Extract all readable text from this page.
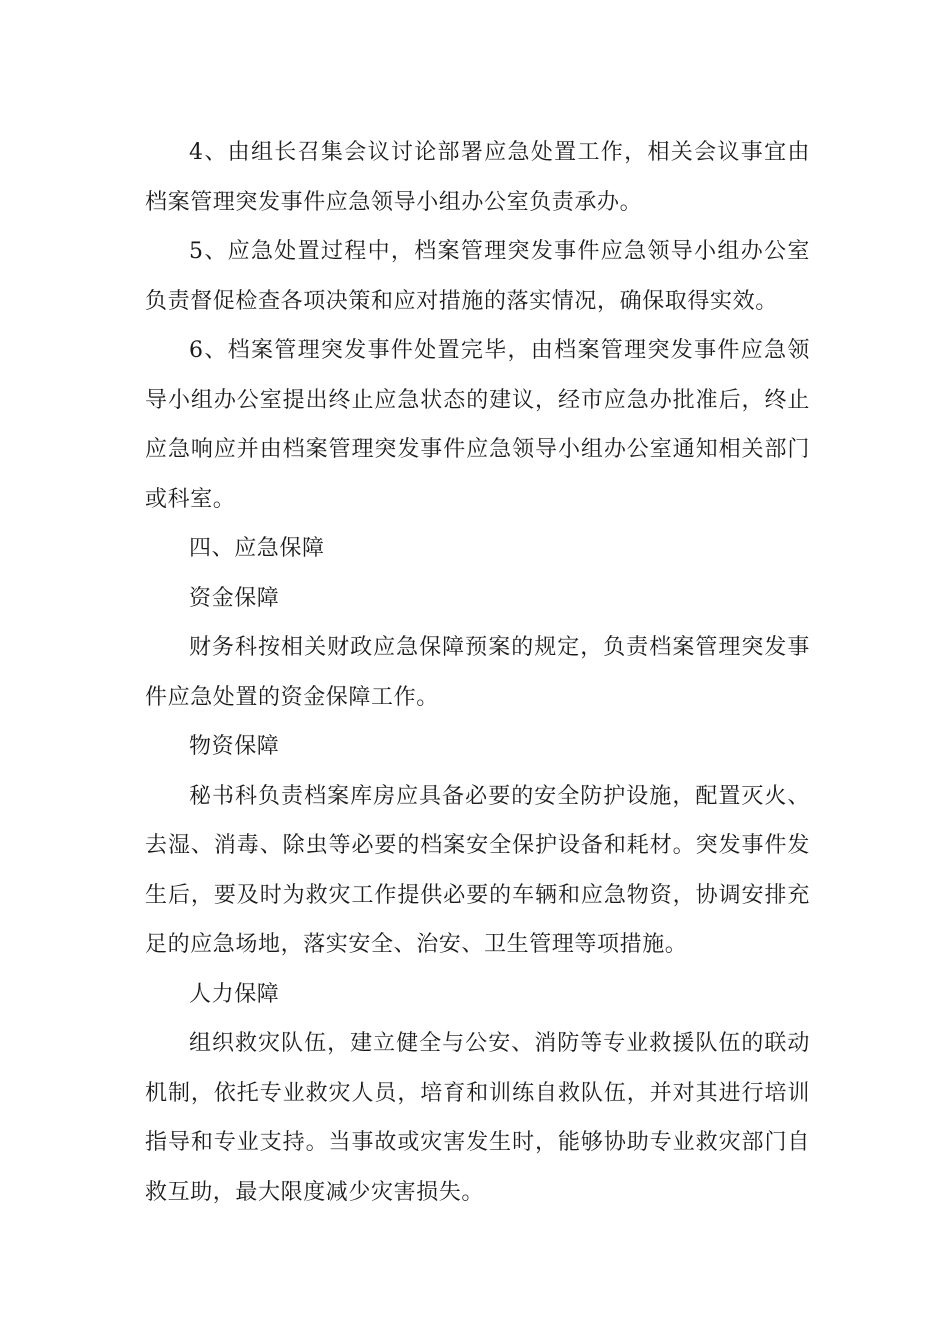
4、由组长召集会议讨论部署应急处置工作，相关会议事宜由档案管理突发事件应急领导小组办公室负责承办。

5、应急处置过程中，档案管理突发事件应急领导小组办公室负责督促检查各项决策和应对措施的落实情况，确保取得实效。

6、档案管理突发事件处置完毕，由档案管理突发事件应急领导小组办公室提出终止应急状态的建议，经市应急办批准后，终止应急响应并由档案管理突发事件应急领导小组办公室通知相关部门或科室。

四、应急保障

资金保障

财务科按相关财政应急保障预案的规定，负责档案管理突发事件应急处置的资金保障工作。

物资保障

秘书科负责档案库房应具备必要的安全防护设施，配置灭火、去湿、消毒、除虫等必要的档案安全保护设备和耗材。突发事件发生后，要及时为救灾工作提供必要的车辆和应急物资，协调安排充足的应急场地，落实安全、治安、卫生管理等项措施。

人力保障

组织救灾队伍，建立健全与公安、消防等专业救援队伍的联动机制，依托专业救灾人员，培育和训练自救队伍，并对其进行培训指导和专业支持。当事故或灾害发生时，能够协助专业救灾部门自救互助，最大限度减少灾害损失。
